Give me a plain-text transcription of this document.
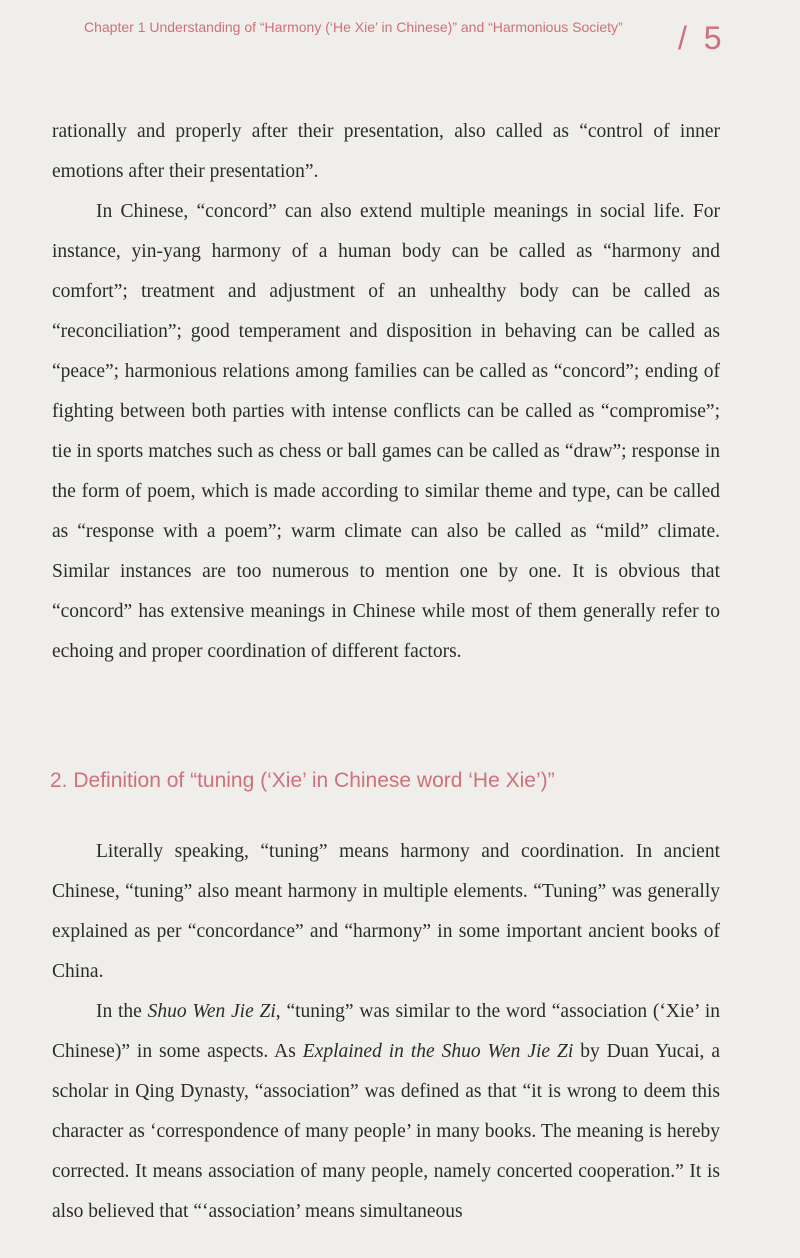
Chapter 1 Understanding of “Harmony (‘He Xie’ in Chinese)” and “Harmonious Society”	/ 5

rationally and properly after their presentation, also called as “control of inner emotions after their presentation”.

In Chinese, “concord” can also extend multiple meanings in social life. For instance, yin-yang harmony of a human body can be called as “harmony and comfort”; treatment and adjustment of an unhealthy body can be called as “reconciliation”; good temperament and disposition in behaving can be called as “peace”; harmonious relations among families can be called as “concord”; ending of fighting between both parties with intense conflicts can be called as “compromise”; tie in sports matches such as chess or ball games can be called as “draw”; response in the form of poem, which is made according to similar theme and type, can be called as “response with a poem”; warm climate can also be called as “mild” climate. Similar instances are too numerous to mention one by one. It is obvious that “concord” has extensive meanings in Chinese while most of them generally refer to echoing and proper coordination of different factors.

2. Definition of “tuning (‘Xie’ in Chinese word ‘He Xie’)”

Literally speaking, “tuning” means harmony and coordination. In ancient Chinese, “tuning” also meant harmony in multiple elements. “Tuning” was generally explained as per “concordance” and “harmony” in some important ancient books of China.

In the Shuo Wen Jie Zi, “tuning” was similar to the word “association (‘Xie’ in Chinese)” in some aspects. As Explained in the Shuo Wen Jie Zi by Duan Yucai, a scholar in Qing Dynasty, “association” was defined as that “it is wrong to deem this character as ‘correspondence of many people’ in many books. The meaning is hereby corrected. It means association of many people, namely concerted cooperation.” It is also believed that “‘association’ means simultaneous
